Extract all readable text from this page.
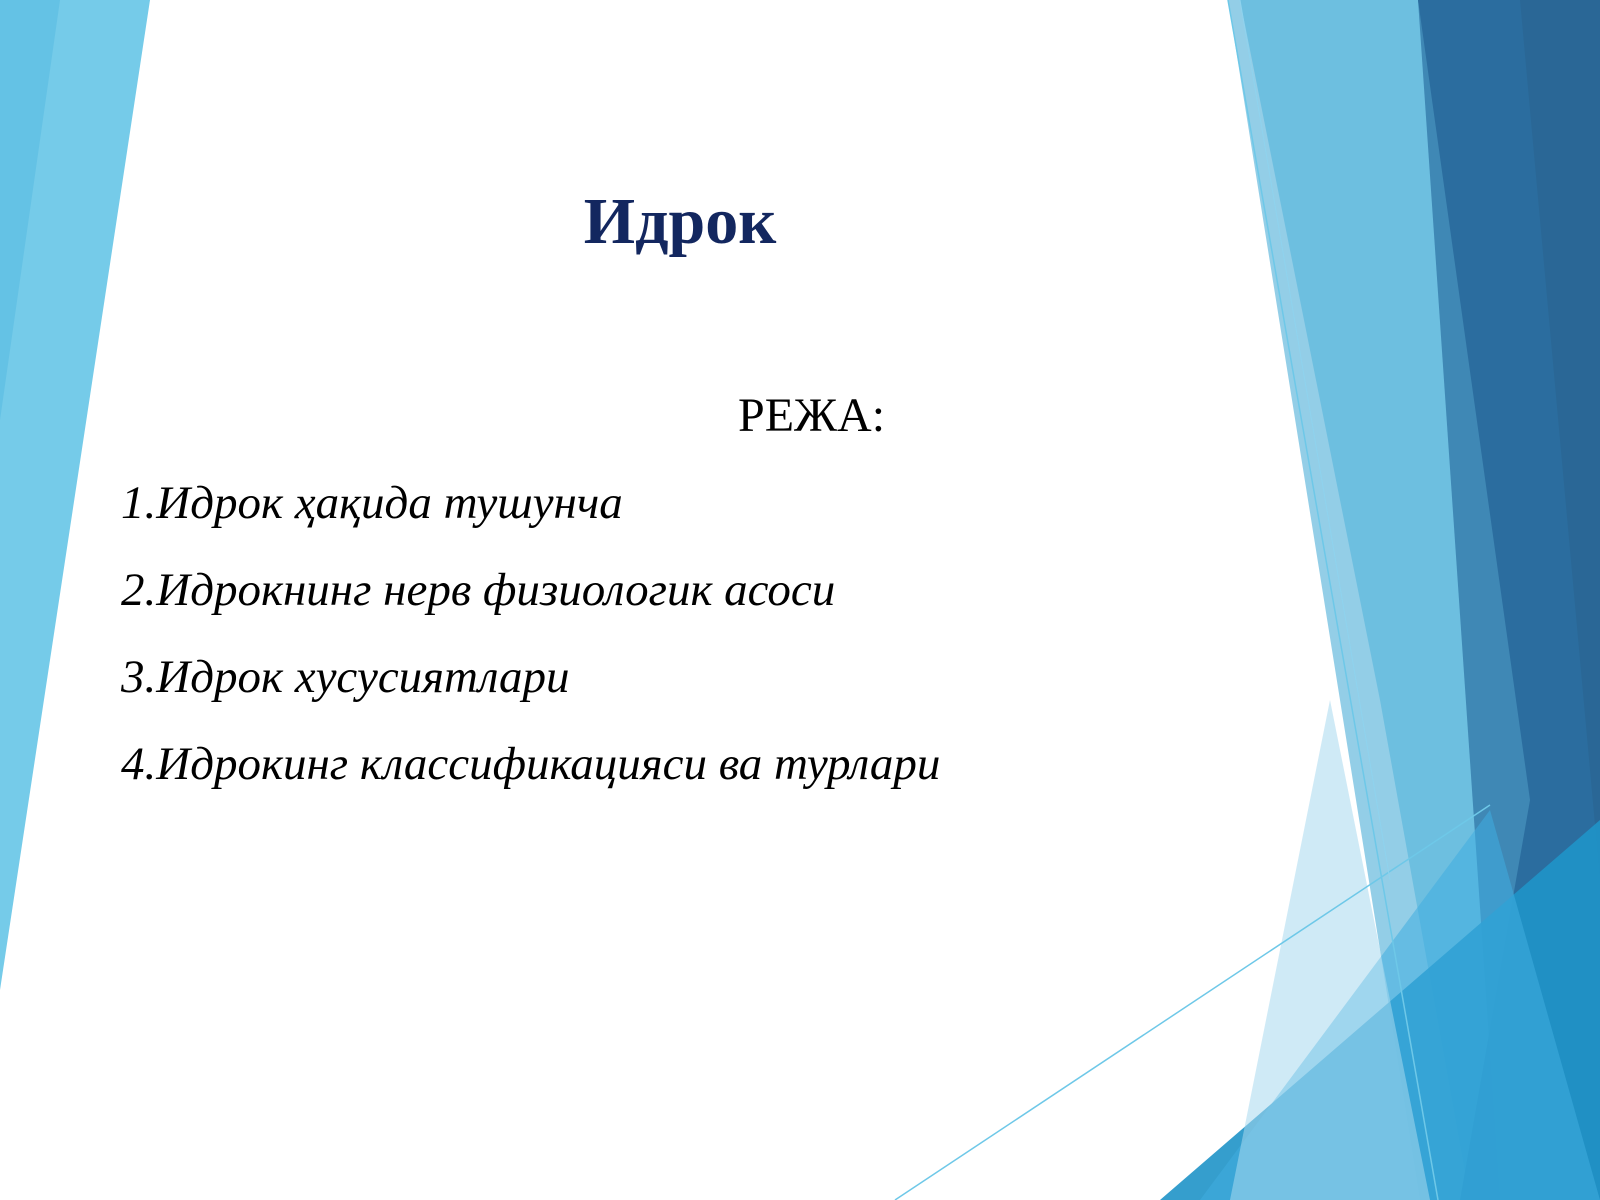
Идрок
РЕЖА:
1.Идрок ҳақида тушунча
2.Идрокнинг нерв физиологик асоси
3.Идрок хусусиятлари
4.Идрокинг классификацияси ва турлари
